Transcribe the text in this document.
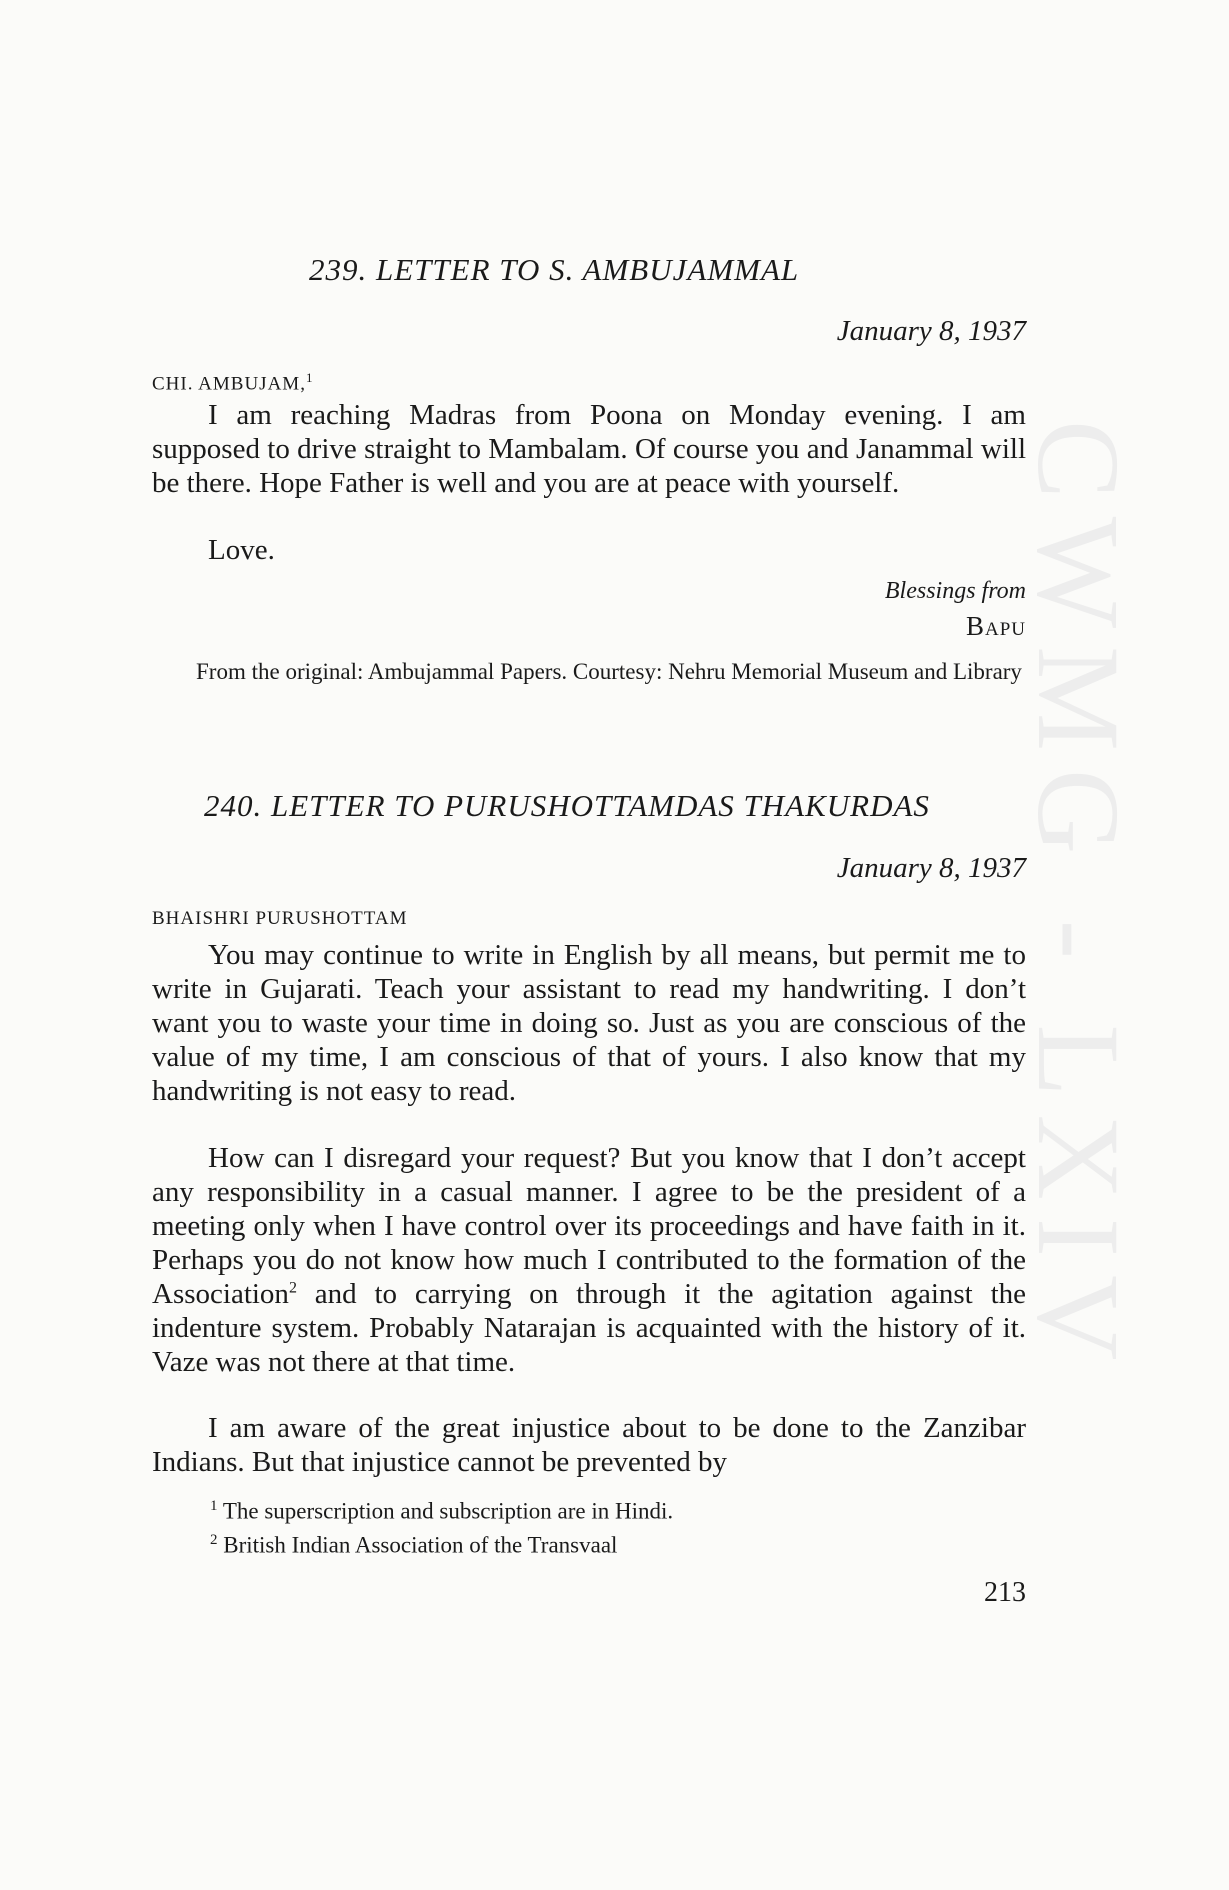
CWMG - LXIV
239. LETTER TO S. AMBUJAMMAL
January 8, 1937
CHI. AMBUJAM,$^1$

I am reaching Madras from Poona on Monday evening. I am supposed to drive straight to Mambalam. Of course you and Janammal will be there. Hope Father is well and you are at peace with yourself.

Love.

Blessings from
Bapu

From the original: Ambujammal Papers. Courtesy: Nehru Memorial Museum and Library

240. LETTER TO PURUSHOTTAMDAS THAKURDAS
January 8, 1937
BHAISHRI PURUSHOTTAM

You may continue to write in English by all means, but permit me to write in Gujarati. Teach your assistant to read my handwriting. I don’t want you to waste your time in doing so. Just as you are conscious of the value of my time, I am conscious of that of yours. I also know that my handwriting is not easy to read.

How can I disregard your request? But you know that I don’t accept any responsibility in a casual manner. I agree to be the president of a meeting only when I have control over its proceedings and have faith in it. Perhaps you do not know how much I contributed to the formation of the Association$^2$ and to carrying on through it the agitation against the indenture system. Probably Natarajan is acquainted with the history of it. Vaze was not there at that time.

I am aware of the great injustice about to be done to the Zanzibar Indians. But that injustice cannot be prevented by

$^1$ The superscription and subscription are in Hindi.
$^2$ British Indian Association of the Transvaal
213
